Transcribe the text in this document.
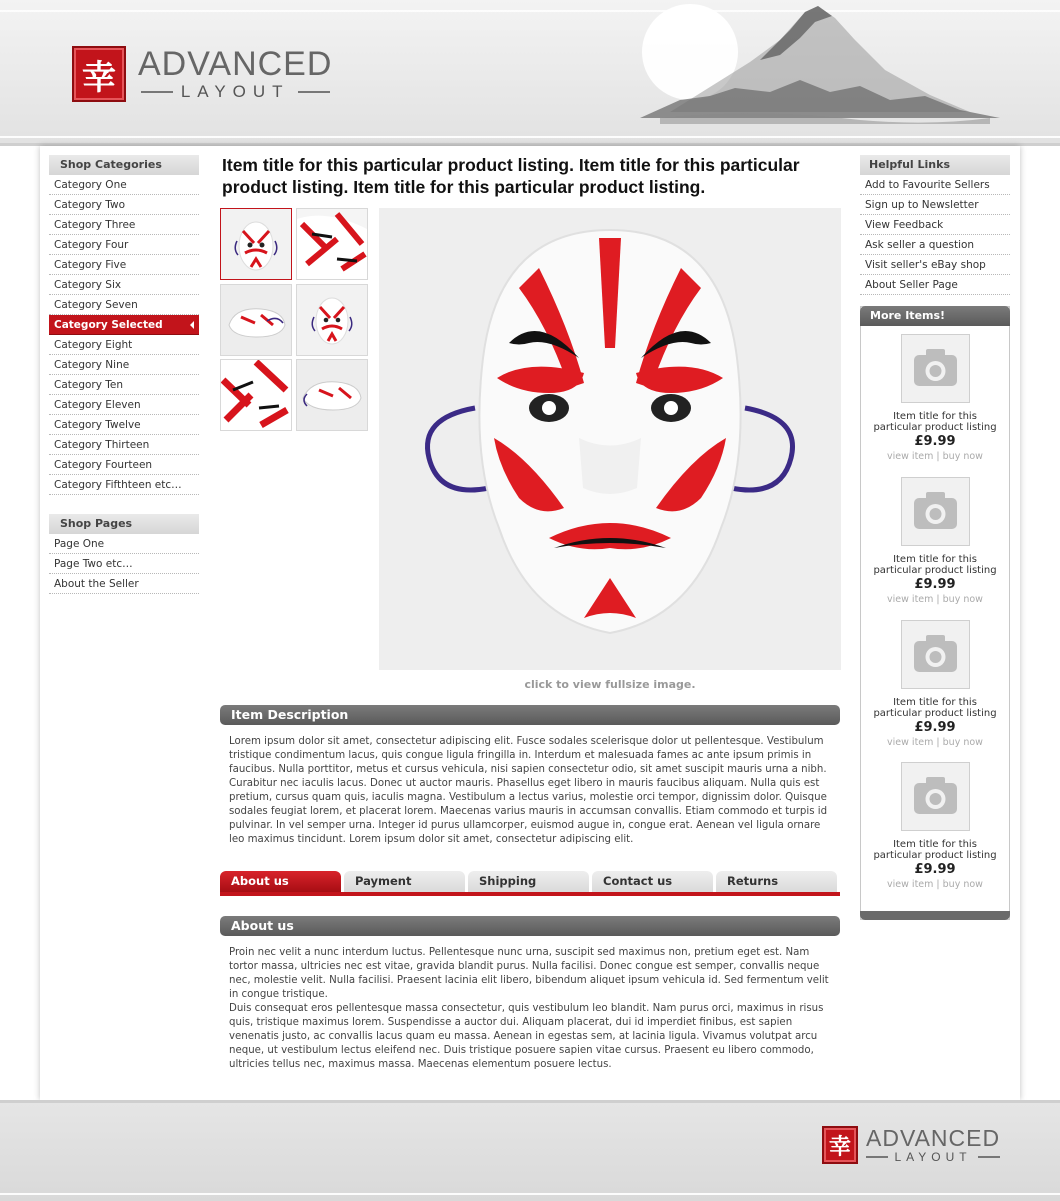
幸 ADVANCED
LAYOUT
Shop Categories
Category One
Category Two
Category Three
Category Four
Category Five
Category Six
Category Seven
Category Selected
Category Eight
Category Nine
Category Ten
Category Eleven
Category Twelve
Category Thirteen
Category Fourteen
Category Fifthteen etc…
Shop Pages
Page One
Page Two etc…
About the Seller
Item title for this particular product listing. Item title for this particular product listing. Item title for this particular product listing.
click to view fullsize image.
Item Description
Lorem ipsum dolor sit amet, consectetur adipiscing elit. Fusce sodales scelerisque dolor ut pellentesque. Vestibulum tristique condimentum lacus, quis congue ligula fringilla in. Interdum et malesuada fames ac ante ipsum primis in faucibus. Nulla porttitor, metus et cursus vehicula, nisi sapien consectetur odio, sit amet suscipit mauris urna a nibh. Curabitur nec iaculis lacus. Donec ut auctor mauris. Phasellus eget libero in mauris faucibus aliquam. Nulla quis est pretium, cursus quam quis, iaculis magna. Vestibulum a lectus varius, molestie orci tempor, dignissim dolor. Quisque sodales feugiat lorem, et placerat lorem. Maecenas varius mauris in accumsan convallis. Etiam commodo et turpis id pulvinar. In vel semper urna. Integer id purus ullamcorper, euismod augue in, congue erat. Aenean vel ligula ornare leo maximus tincidunt. Lorem ipsum dolor sit amet, consectetur adipiscing elit.
About us	Payment	Shipping	Contact us	Returns
About us
Proin nec velit a nunc interdum luctus. Pellentesque nunc urna, suscipit sed maximus non, pretium eget est. Nam tortor massa, ultricies nec est vitae, gravida blandit purus. Nulla facilisi. Donec congue est semper, convallis neque nec, molestie velit. Nulla facilisi. Praesent lacinia elit libero, bibendum aliquet ipsum vehicula id. Sed fermentum velit in congue tristique.
Duis consequat eros pellentesque massa consectetur, quis vestibulum leo blandit. Nam purus orci, maximus in risus quis, tristique maximus lorem. Suspendisse a auctor dui. Aliquam placerat, dui id imperdiet finibus, est sapien venenatis justo, ac convallis lacus quam eu massa. Aenean in egestas sem, at lacinia ligula. Vivamus volutpat arcu neque, ut vestibulum lectus eleifend nec. Duis tristique posuere sapien vitae cursus. Praesent eu libero commodo, ultricies tellus nec, maximus massa. Maecenas elementum posuere lectus.
Helpful Links
Add to Favourite Sellers
Sign up to Newsletter
View Feedback
Ask seller a question
Visit seller's eBay shop
About Seller Page
More Items!
Item title for this particular product listing
£9.99
view item | buy now
Item title for this particular product listing
£9.99
view item | buy now
Item title for this particular product listing
£9.99
view item | buy now
Item title for this particular product listing
£9.99
view item | buy now
幸 ADVANCED
LAYOUT
